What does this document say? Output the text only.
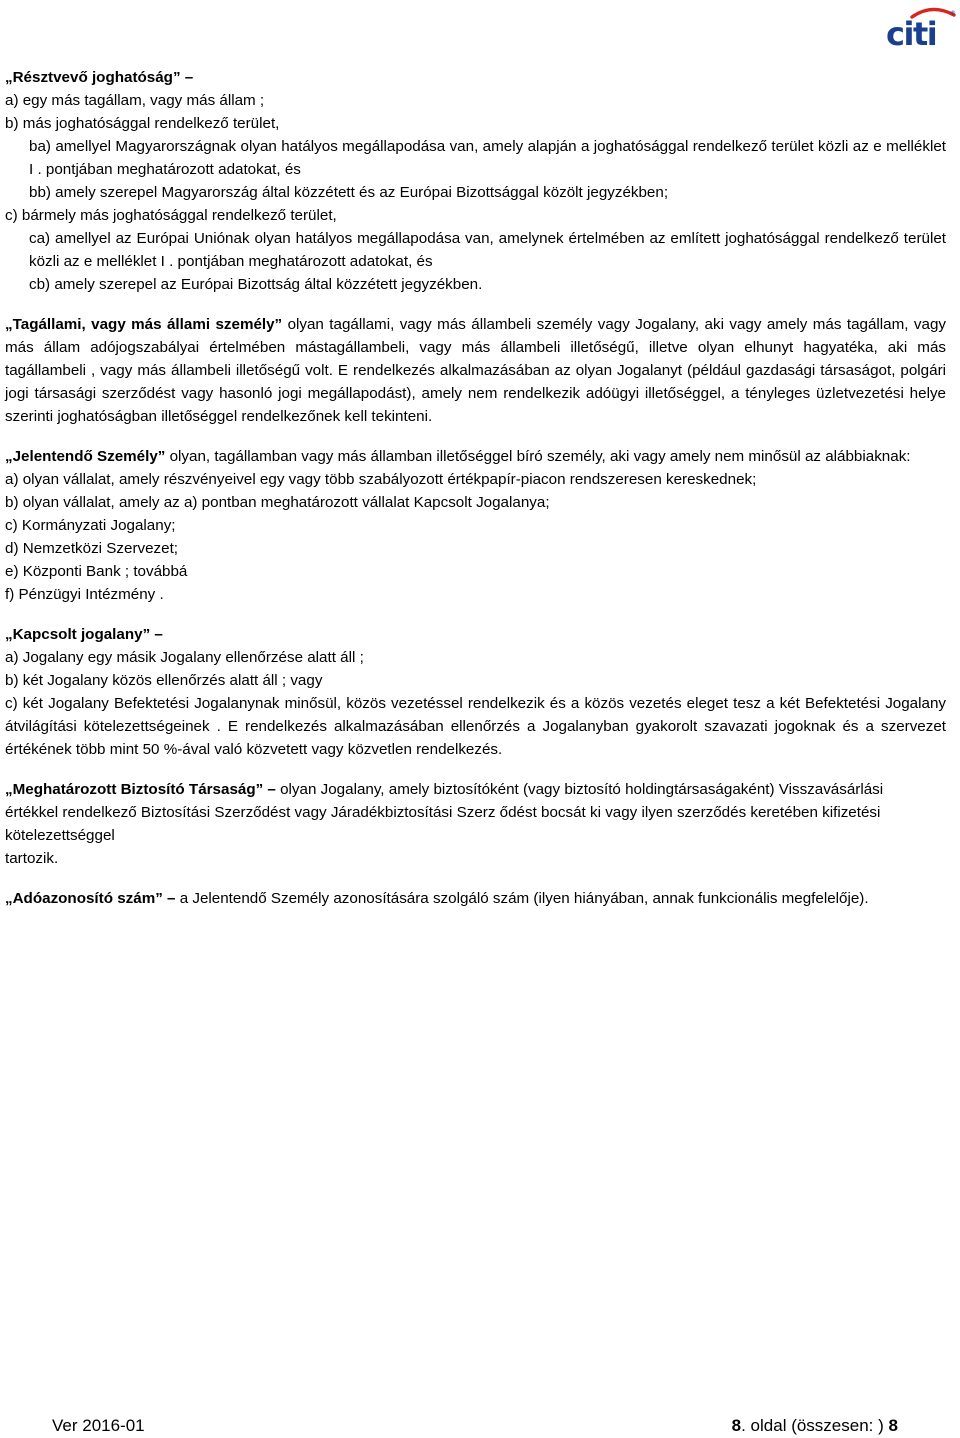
citi
®
„Résztvevő joghatóság” –
a) egy más tagállam, vagy más állam ;
b) más joghatósággal rendelkező terület,
ba) amellyel Magyarországnak olyan hatályos megállapodása van, amely alapján a joghatósággal rendelkező terület közli az e melléklet I . pontjában meghatározott adatokat, és
bb) amely szerepel Magyarország által közzétett és az Európai Bizottsággal közölt jegyzékben;
c) bármely más joghatósággal rendelkező terület,
ca) amellyel az Európai Uniónak olyan hatályos megállapodása van, amelynek értelmében az említett joghatósággal rendelkező terület közli az e melléklet I . pontjában meghatározott adatokat, és
cb) amely szerepel az Európai Bizottság által közzétett jegyzékben.
„Tagállami, vagy más állami személy” olyan tagállami, vagy más állambeli személy vagy Jogalany, aki vagy amely más tagállam, vagy más állam adójogszabályai értelmében mástagállambeli, vagy más állambeli illetőségű, illetve olyan elhunyt hagyatéka, aki más tagállambeli , vagy más állambeli illetőségű volt. E rendelkezés alkalmazásában az olyan Jogalanyt (például gazdasági társaságot, polgári jogi társasági szerződést vagy hasonló jogi megállapodást), amely nem rendelkezik adóügyi illetőséggel, a tényleges üzletvezetési helye szerinti joghatóságban illetőséggel rendelkezőnek kell tekinteni.
„Jelentendő Személy” olyan, tagállamban vagy más államban illetőséggel bíró személy, aki vagy amely nem minősül az alábbiaknak:
a) olyan vállalat, amely részvényeivel egy vagy több szabályozott értékpapír-piacon rendszeresen kereskednek;
b) olyan vállalat, amely az a) pontban meghatározott vállalat Kapcsolt Jogalanya;
c) Kormányzati Jogalany;
d) Nemzetközi Szervezet;
e) Központi Bank ; továbbá
f) Pénzügyi Intézmény .
„Kapcsolt jogalany” –
a) Jogalany egy másik Jogalany ellenőrzése alatt áll ;
b) két Jogalany közös ellenőrzés alatt áll ; vagy
c) két Jogalany Befektetési Jogalanynak minősül, közös vezetéssel rendelkezik és a közös vezetés eleget tesz a két Befektetési Jogalany átvilágítási kötelezettségeinek . E rendelkezés alkalmazásában ellenőrzés a Jogalanyban gyakorolt szavazati jogoknak és a szervezet értékének több mint 50 %-ával való közvetett vagy közvetlen rendelkezés.
„Meghatározott Biztosító Társaság” – olyan Jogalany, amely biztosítóként (vagy biztosító holdingtársaságaként) Visszavásárlási
értékkel rendelkező Biztosítási Szerződést vagy Járadékbiztosítási Szerz ődést bocsát ki vagy ilyen szerződés keretében kifizetési
kötelezettséggel
tartozik.
„Adóazonosító szám” – a Jelentendő Személy azonosítására szolgáló szám (ilyen hiányában, annak funkcionális megfelelője).
Ver 2016-01	8. oldal (összesen: ) 8
